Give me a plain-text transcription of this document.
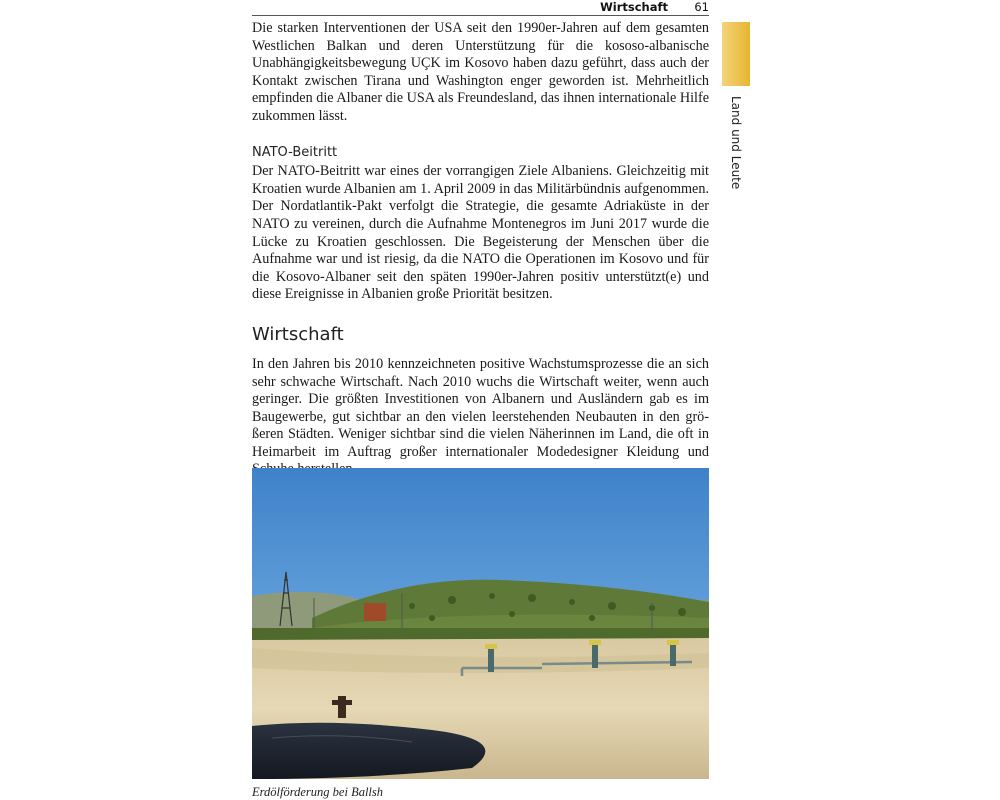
Wirtschaft 61
Land und Leute

Die starken Interventionen der USA seit den 1990er-Jahren auf dem gesamten Westlichen Balkan und deren Unterstützung für die kososo-albanische Unabhängigkeitsbewegung UÇK im Kosovo haben dazu geführt, dass auch der Kontakt zwischen Tirana und Washington enger geworden ist. Mehrheitlich empfinden die Albaner die USA als Freundesland, das ihnen internationale Hilfe zukommen lässt.

NATO-Beitritt

Der NATO-Beitritt war eines der vorrangigen Ziele Albaniens. Gleichzeitig mit Kroatien wurde Albanien am 1. April 2009 in das Militärbündnis aufgenommen. Der Nordatlantik-Pakt verfolgt die Strategie, die gesamte Adriaküste in der NATO zu vereinen, durch die Aufnahme Montenegros im Juni 2017 wurde die Lücke zu Kroatien geschlossen. Die Begeisterung der Menschen über die Aufnahme war und ist riesig, da die NATO die Operationen im Kosovo und für die Kosovo-Albaner seit den späten 1990er-Jahren positiv unterstützt(e) und diese Ereignisse in Albanien große Priorität besitzen.

Wirtschaft

In den Jahren bis 2010 kennzeichneten positive Wachstumsprozesse die an sich sehr schwache Wirtschaft. Nach 2010 wuchs die Wirtschaft weiter, wenn auch geringer. Die größten Investitionen von Albanern und Ausländern gab es im Baugewerbe, gut sichtbar an den vielen leerstehenden Neubauten in den größeren Städten. Weniger sichtbar sind die vielen Näherinnen im Land, die oft in Heimarbeit im Auftrag großer internationaler Modedesigner Kleidung und

Erdölförderung bei Ballsh
